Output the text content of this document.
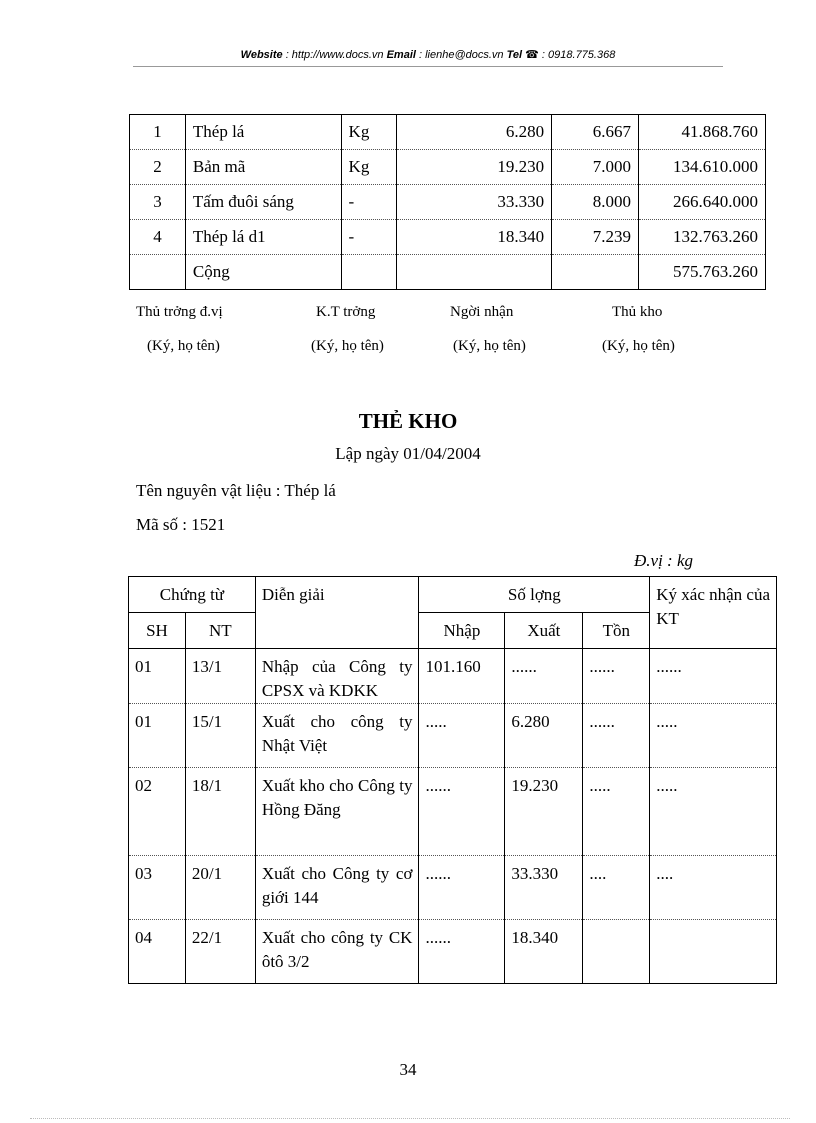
Website : http://www.docs.vn Email : lienhe@docs.vn Tel ☎ : 0918.775.368
1	Thép lá	Kg	6.280	6.667	41.868.760
2	Bản mã	Kg	19.230	7.000	134.610.000
3	Tấm đuôi sáng	-	33.330	8.000	266.640.000
4	Thép lá d1	-	18.340	7.239	132.763.260
	Cộng				575.763.260
Thủ trởng đ.vị	K.T trởng	Ngời nhận	Thủ kho
(Ký, họ tên)	(Ký, họ tên)	(Ký, họ tên)	(Ký, họ tên)
THẺ KHO
Lập ngày 01/04/2004
Tên nguyên vật liệu : Thép lá
Mã số : 1521
Đ.vị : kg
Chứng từ		Diễn giải	Số lợng			Ký xác nhận của KT
SH	NT		Nhập	Xuất	Tồn	
01	13/1	Nhập của Công ty CPSX và KDKK	101.160	......	......	......
01	15/1	Xuất cho công ty Nhật Việt	.....	6.280	......	.....
02	18/1	Xuất kho cho Công ty Hồng Đăng	......	19.230	.....	.....
03	20/1	Xuất cho Công ty cơ giới 144	......	33.330	....	....
04	22/1	Xuất cho công ty CK ôtô 3/2	......	18.340		
34
